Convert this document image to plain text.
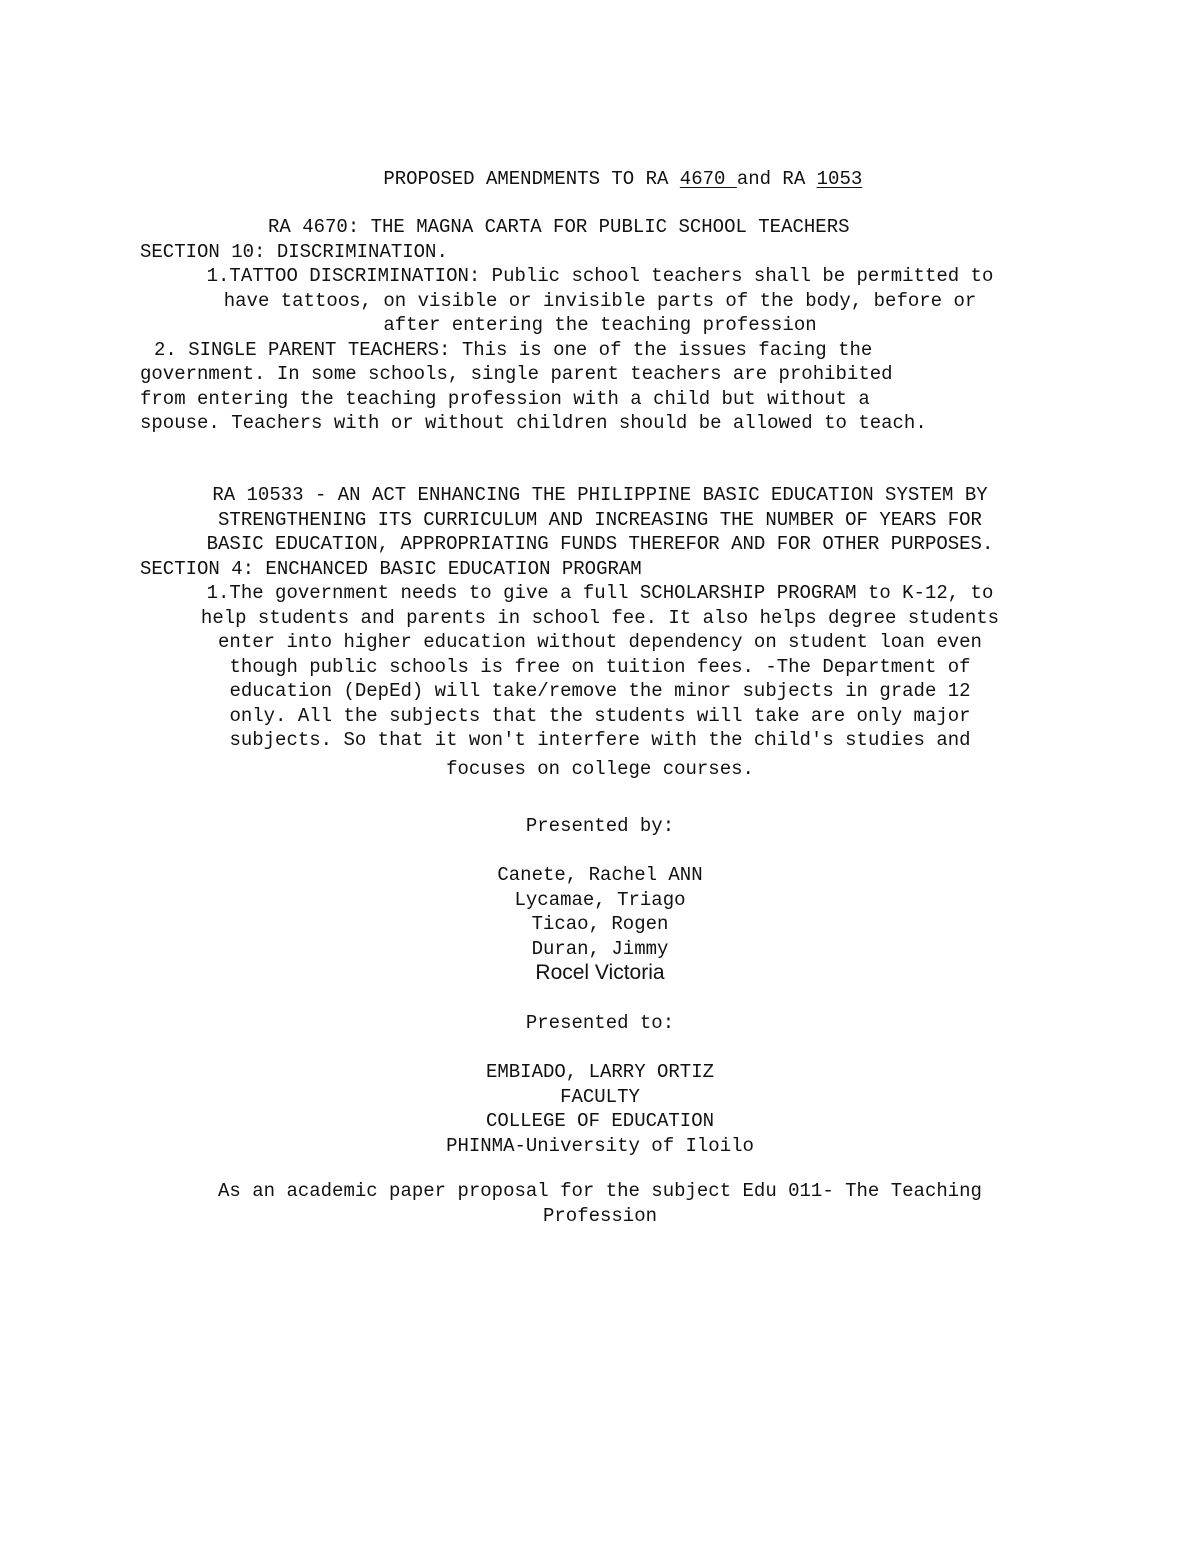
PROPOSED AMENDMENTS TO RA 4670 and RA 1053

RA 4670: THE MAGNA CARTA FOR PUBLIC SCHOOL TEACHERS
SECTION 10: DISCRIMINATION.
1.TATTOO DISCRIMINATION: Public school teachers shall be permitted to
have tattoos, on visible or invisible parts of the body, before or
after entering the teaching profession
2. SINGLE PARENT TEACHERS: This is one of the issues facing the
government. In some schools, single parent teachers are prohibited
from entering the teaching profession with a child but without a
spouse. Teachers with or without children should be allowed to teach.
RA 10533 - AN ACT ENHANCING THE PHILIPPINE BASIC EDUCATION SYSTEM BY
STRENGTHENING ITS CURRICULUM AND INCREASING THE NUMBER OF YEARS FOR
BASIC EDUCATION, APPROPRIATING FUNDS THEREFOR AND FOR OTHER PURPOSES.
SECTION 4: ENCHANCED BASIC EDUCATION PROGRAM
1.The government needs to give a full SCHOLARSHIP PROGRAM to K-12, to
help students and parents in school fee. It also helps degree students
enter into higher education without dependency on student loan even
though public schools is free on tuition fees. -The Department of
education (DepEd) will take/remove the minor subjects in grade 12
only. All the subjects that the students will take are only major
subjects. So that it won't interfere with the child's studies and
focuses on college courses.
Presented by:
Canete, Rachel ANN
Lycamae, Triago
Ticao, Rogen
Duran, Jimmy
Rocel Victoria
Presented to:
EMBIADO, LARRY ORTIZ
FACULTY
COLLEGE OF EDUCATION
PHINMA-University of Iloilo
As an academic paper proposal for the subject Edu 011- The Teaching
Profession
